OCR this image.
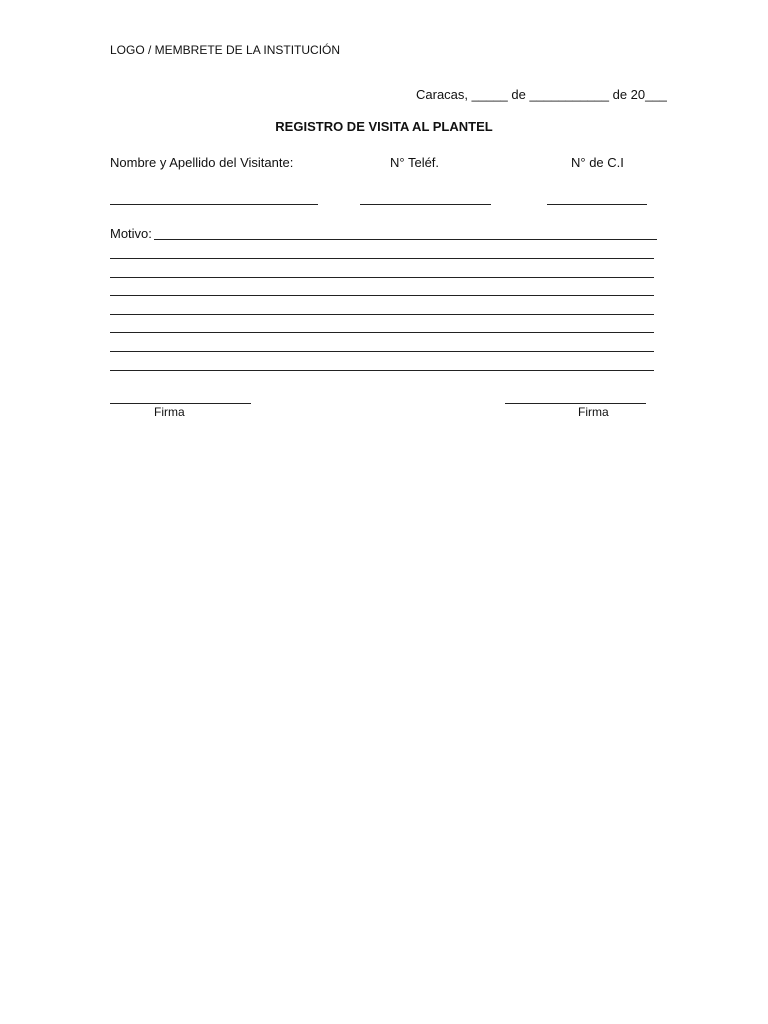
LOGO / MEMBRETE DE LA INSTITUCIÓN
Caracas, _____ de ___________ de 20___
REGISTRO DE VISITA AL PLANTEL
Nombre y Apellido del Visitante:	N° Teléf.	N° de C.I
Motivo:
Firma	Firma
